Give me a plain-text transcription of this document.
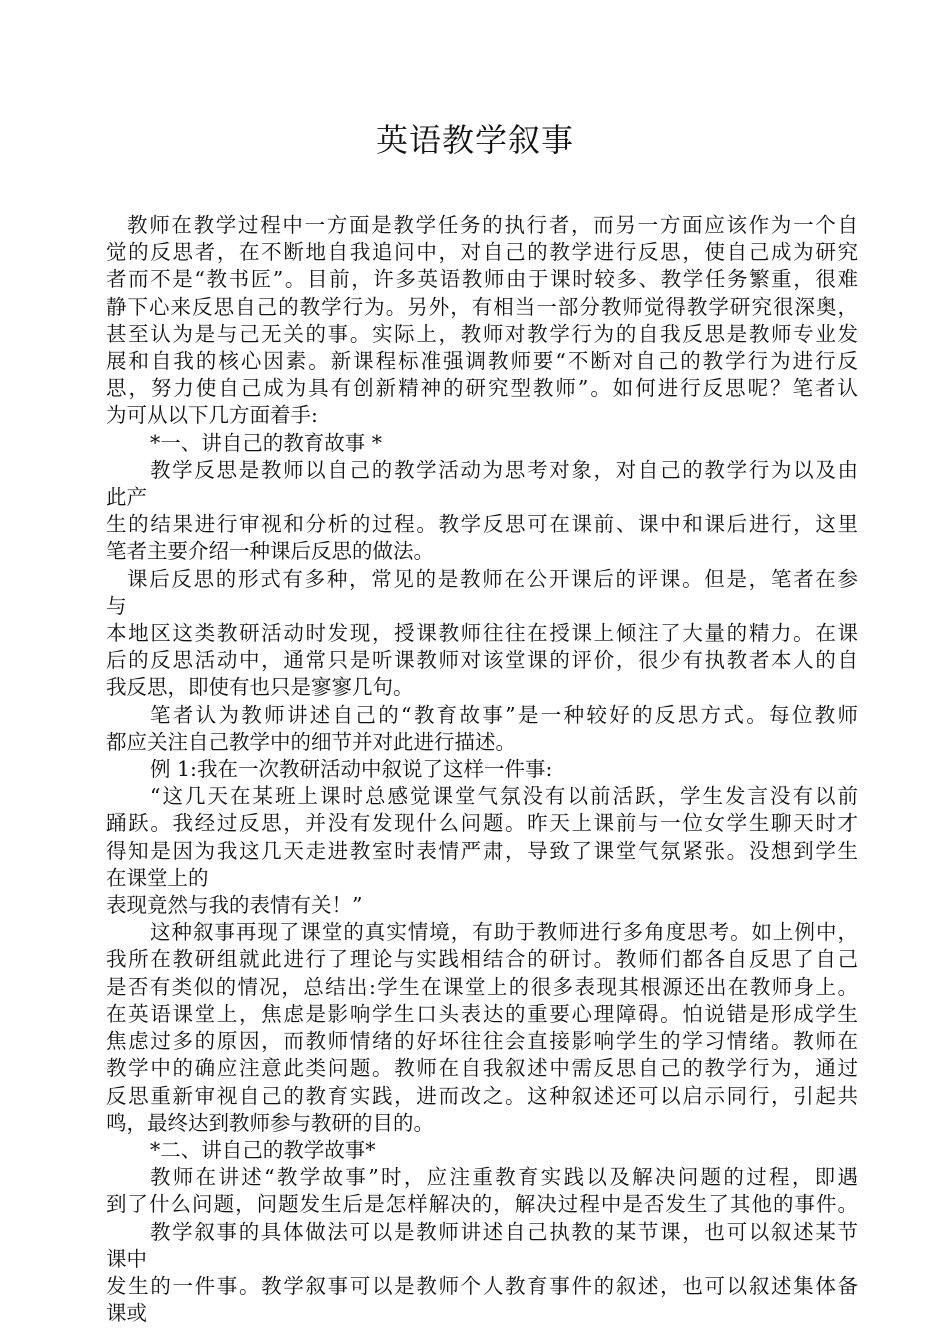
英语教学叙事
教师在教学过程中一方面是教学任务的执行者，而另一方面应该作为一个自
觉的反思者，在不断地自我追问中，对自己的教学进行反思，使自己成为研究
者而不是“教书匠”。目前，许多英语教师由于课时较多、教学任务繁重，很难
静下心来反思自己的教学行为。另外，有相当一部分教师觉得教学研究很深奥，
甚至认为是与己无关的事。实际上，教师对教学行为的自我反思是教师专业发
展和自我的核心因素。新课程标准强调教师要“不断对自己的教学行为进行反
思，努力使自己成为具有创新精神的研究型教师”。如何进行反思呢？笔者认
为可从以下几方面着手:
*一、讲自己的教育故事 *
教学反思是教师以自己的教学活动为思考对象，对自己的教学行为以及由
此产
生的结果进行审视和分析的过程。教学反思可在课前、课中和课后进行，这里
笔者主要介绍一种课后反思的做法。
课后反思的形式有多种，常见的是教师在公开课后的评课。但是，笔者在参
与
本地区这类教研活动时发现，授课教师往往在授课上倾注了大量的精力。在课
后的反思活动中，通常只是听课教师对该堂课的评价，很少有执教者本人的自
我反思，即使有也只是寥寥几句。
笔者认为教师讲述自己的“教育故事”是一种较好的反思方式。每位教师
都应关注自己教学中的细节并对此进行描述。
例 1:我在一次教研活动中叙说了这样一件事:
“这几天在某班上课时总感觉课堂气氛没有以前活跃，学生发言没有以前
踊跃。我经过反思，并没有发现什么问题。昨天上课前与一位女学生聊天时才
得知是因为我这几天走进教室时表情严肃，导致了课堂气氛紧张。没想到学生
在课堂上的
表现竟然与我的表情有关！”
这种叙事再现了课堂的真实情境，有助于教师进行多角度思考。如上例中，
我所在教研组就此进行了理论与实践相结合的研讨。教师们都各自反思了自己
是否有类似的情况，总结出:学生在课堂上的很多表现其根源还出在教师身上。
在英语课堂上，焦虑是影响学生口头表达的重要心理障碍。怕说错是形成学生
焦虑过多的原因，而教师情绪的好坏往往会直接影响学生的学习情绪。教师在
教学中的确应注意此类问题。教师在自我叙述中需反思自己的教学行为，通过
反思重新审视自己的教育实践，进而改之。这种叙述还可以启示同行，引起共
鸣，最终达到教师参与教研的目的。
*二、讲自己的教学故事*
教师在讲述“教学故事”时，应注重教育实践以及解决问题的过程，即遇
到了什么问题，问题发生后是怎样解决的，解决过程中是否发生了其他的事件。
教学叙事的具体做法可以是教师讲述自己执教的某节课，也可以叙述某节
课中
发生的一件事。教学叙事可以是教师个人教育事件的叙述，也可以叙述集体备
课或
